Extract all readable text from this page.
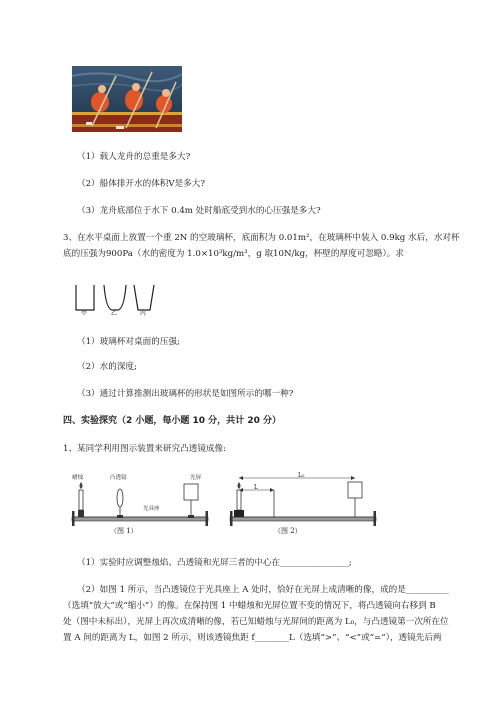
（1）载人龙舟的总重是多大?
（2）船体排开水的体积Ⅴ是多大?
（3）龙舟底部位于水下 0.4m 处时船底受到水的心压强是多大?
3、在水平桌面上放置一个重 2N 的空玻璃杯，底面积为 0.01m²，在玻璃杯中装入 0.9kg 水后，水对杯
底的压强为900Pa（水的密度为 1.0×10³kg/m³，g 取10N/kg，杯壁的厚度可忽略）。求
甲	乙	丙
（1）玻璃杯对桌面的压强;
（2）水的深度;
（3）通过计算推测出玻璃杯的形状是如图所示的哪一种?
四、实验探究（2 小题，每小题 10 分，共计 20 分）
1、某同学利用图示装置来研究凸透镜成像:
蜡烛	凸透镜	光屏
光具座
（图 1）
L
L₀
（图 2）
（1）实验时应调整烛焰、凸透镜和光屏三者的中心在________________;
（2）如图 1 所示，当凸透镜位于光具座上 A 处时，恰好在光屏上成清晰的像，成的是__________
（选填“放大”或“缩小”）的像。在保持图 1 中蜡烛和光屏位置不变的情况下，将凸透镜向右移到 B
处（图中未标出），光屏上再次成清晰的像，若已知蜡烛与光屏间的距离为 L₀，与凸透镜第一次所在位
置 A 间的距离为 L，如图 2 所示，则该透镜焦距 f________L（选填“>”、“<”或“=”），透镜先后两
